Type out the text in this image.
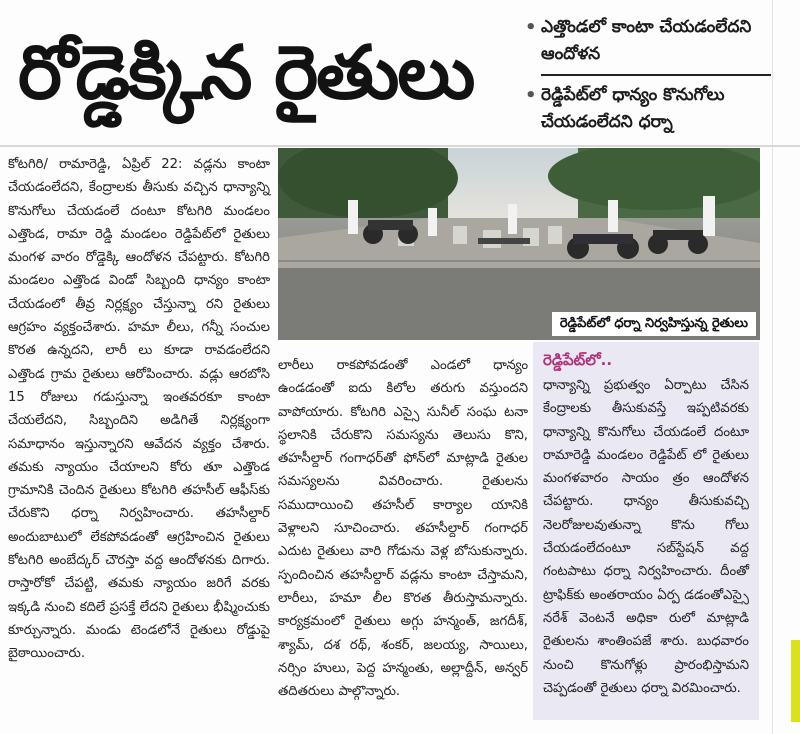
రోడ్డెక్కిన రైతులు
• ఎత్తొండలో కాంటా చేయడంలేదని ఆందోళన
• రెడ్డిపేట్‌లో ధాన్యం కొనుగోలు చేయడంలేదని ధర్నా

కోటగిరి/ రామారెడ్డి, ఏప్రిల్ 22: వడ్లను కాంటా చేయడంలేదని, కేంద్రాలకు తీసుకు వచ్చిన ధాన్యాన్ని కొనుగోలు చేయడంలే దంటూ కోటగిరి మండలం ఎత్తొండ, రామా రెడ్డి మండలం రెడ్డిపేట్‌లో రైతులు మంగళ వారం రోడ్డెక్కి ఆందోళన చేపట్టారు. కోటగిరి మండలం ఎత్తొండ విండో సిబ్బంది ధాన్యం కాంటా చేయడంలో తీవ్ర నిర్లక్ష్యం చేస్తున్నా రని రైతులు ఆగ్రహం వ్యక్తంచేశారు. హమా లీలు, గన్నీ సంచుల కొరత ఉన్నదని, లారీ లు కూడా రావడంలేదని ఎత్తొండ గ్రామ రైతులు ఆరోపించారు. వడ్లు ఆరబోసి 15 రోజులు గడుస్తున్నా ఇంతవరకూ కాంటా చేయలేదని, సిబ్బందిని అడిగితే నిర్లక్ష్యంగా సమాధానం ఇస్తున్నారని ఆవేదన వ్యక్తం చేశారు. తమకు న్యాయం చేయాలని కోరు తూ ఎత్తొండ గ్రామానికి చెందిన రైతులు కోటగిరి తహసీల్ ఆఫీస్‌కు చేరుకొని ధర్నా నిర్వహించారు. తహసీల్దార్ అందుబాటులో లేకపోవడంతో ఆగ్రహించిన రైతులు కోటగిరి అంబేద్కర్ చౌరస్తా వద్ద ఆందోళనకు దిగారు. రాస్తారోకో చేపట్టి, తమకు న్యాయం జరిగే వరకు ఇక్కడి నుంచి కదిలే ప్రసక్తే లేదని రైతులు భీష్మించుకు కూర్చున్నారు. మండు టెండలోనే రైతులు రోడ్డుపై బైఠాయించారు.

రెడ్డిపేట్‌లో ధర్నా నిర్వహిస్తున్న రైతులు

లారీలు రాకపోవడంతో ఎండలో ధాన్యం ఉండడంతో ఐదు కిలోల తరుగు వస్తుందని వాపోయారు. కోటగిరి ఎస్సై సునీల్ సంఘ టనా స్థలానికి చేరుకొని సమస్యను తెలుసు కొని, తహసీల్దార్ గంగాధర్‌తో ఫోన్‌లో మాట్లాడి రైతుల సమస్యలను వివరించారు. రైతులను సముదాయించి తహసీల్ కార్యాల యానికి వెళ్లాలని సూచించారు. తహసీల్దార్ గంగాధర్ ఎదుట రైతులు వారి గోడును వెళ్ల బోసుకున్నారు. స్పందించిన తహసీల్దార్ వడ్లను కాంటా చేస్తామని, లారీలు, హమా లీల కొరత తీరుస్తామన్నారు. కార్యక్రమంలో రైతులు అగ్గు హన్మంత్, జగదీశ్, శ్యామ్, దశ రథ్, శంకర్, జలయ్య, సాయిలు, నర్సిం హులు, పెద్ద హన్మంతు, అల్లాద్దీన్, అన్వర్ తదితరులు పాల్గొన్నారు.

రెడ్డిపేట్‌లో..
ధాన్యాన్ని ప్రభుత్వం ఏర్పాటు చేసిన కేంద్రాలకు తీసుకువస్తే ఇప్పటివరకు ధాన్యాన్ని కొనుగోలు చేయడంలే దంటూ రామారెడ్డి మండలం రెడ్డిపేట్ లో రైతులు మంగళవారం సాయం త్రం ఆందోళన చేపట్టారు. ధాన్యం తీసుకువచ్చి నెలరోజులవుతున్నా కొను గోలు చేయడంలేదంటూ సబ్‌స్టేషన్ వద్ద గంటపాటు ధర్నా నిర్వహించారు. దీంతో ట్రాఫిక్‌కు అంతరాయం ఏర్ప డడంతోఎస్సై నరేశ్ వెంటనే అధికా రులో మాట్లాడి రైతులను శాంతింపజే శారు. బుధవారం నుంచి కొనుగోళ్లు ప్రారంభిస్తామని చెప్పడంతో రైతులు ధర్నా విరమించారు.
